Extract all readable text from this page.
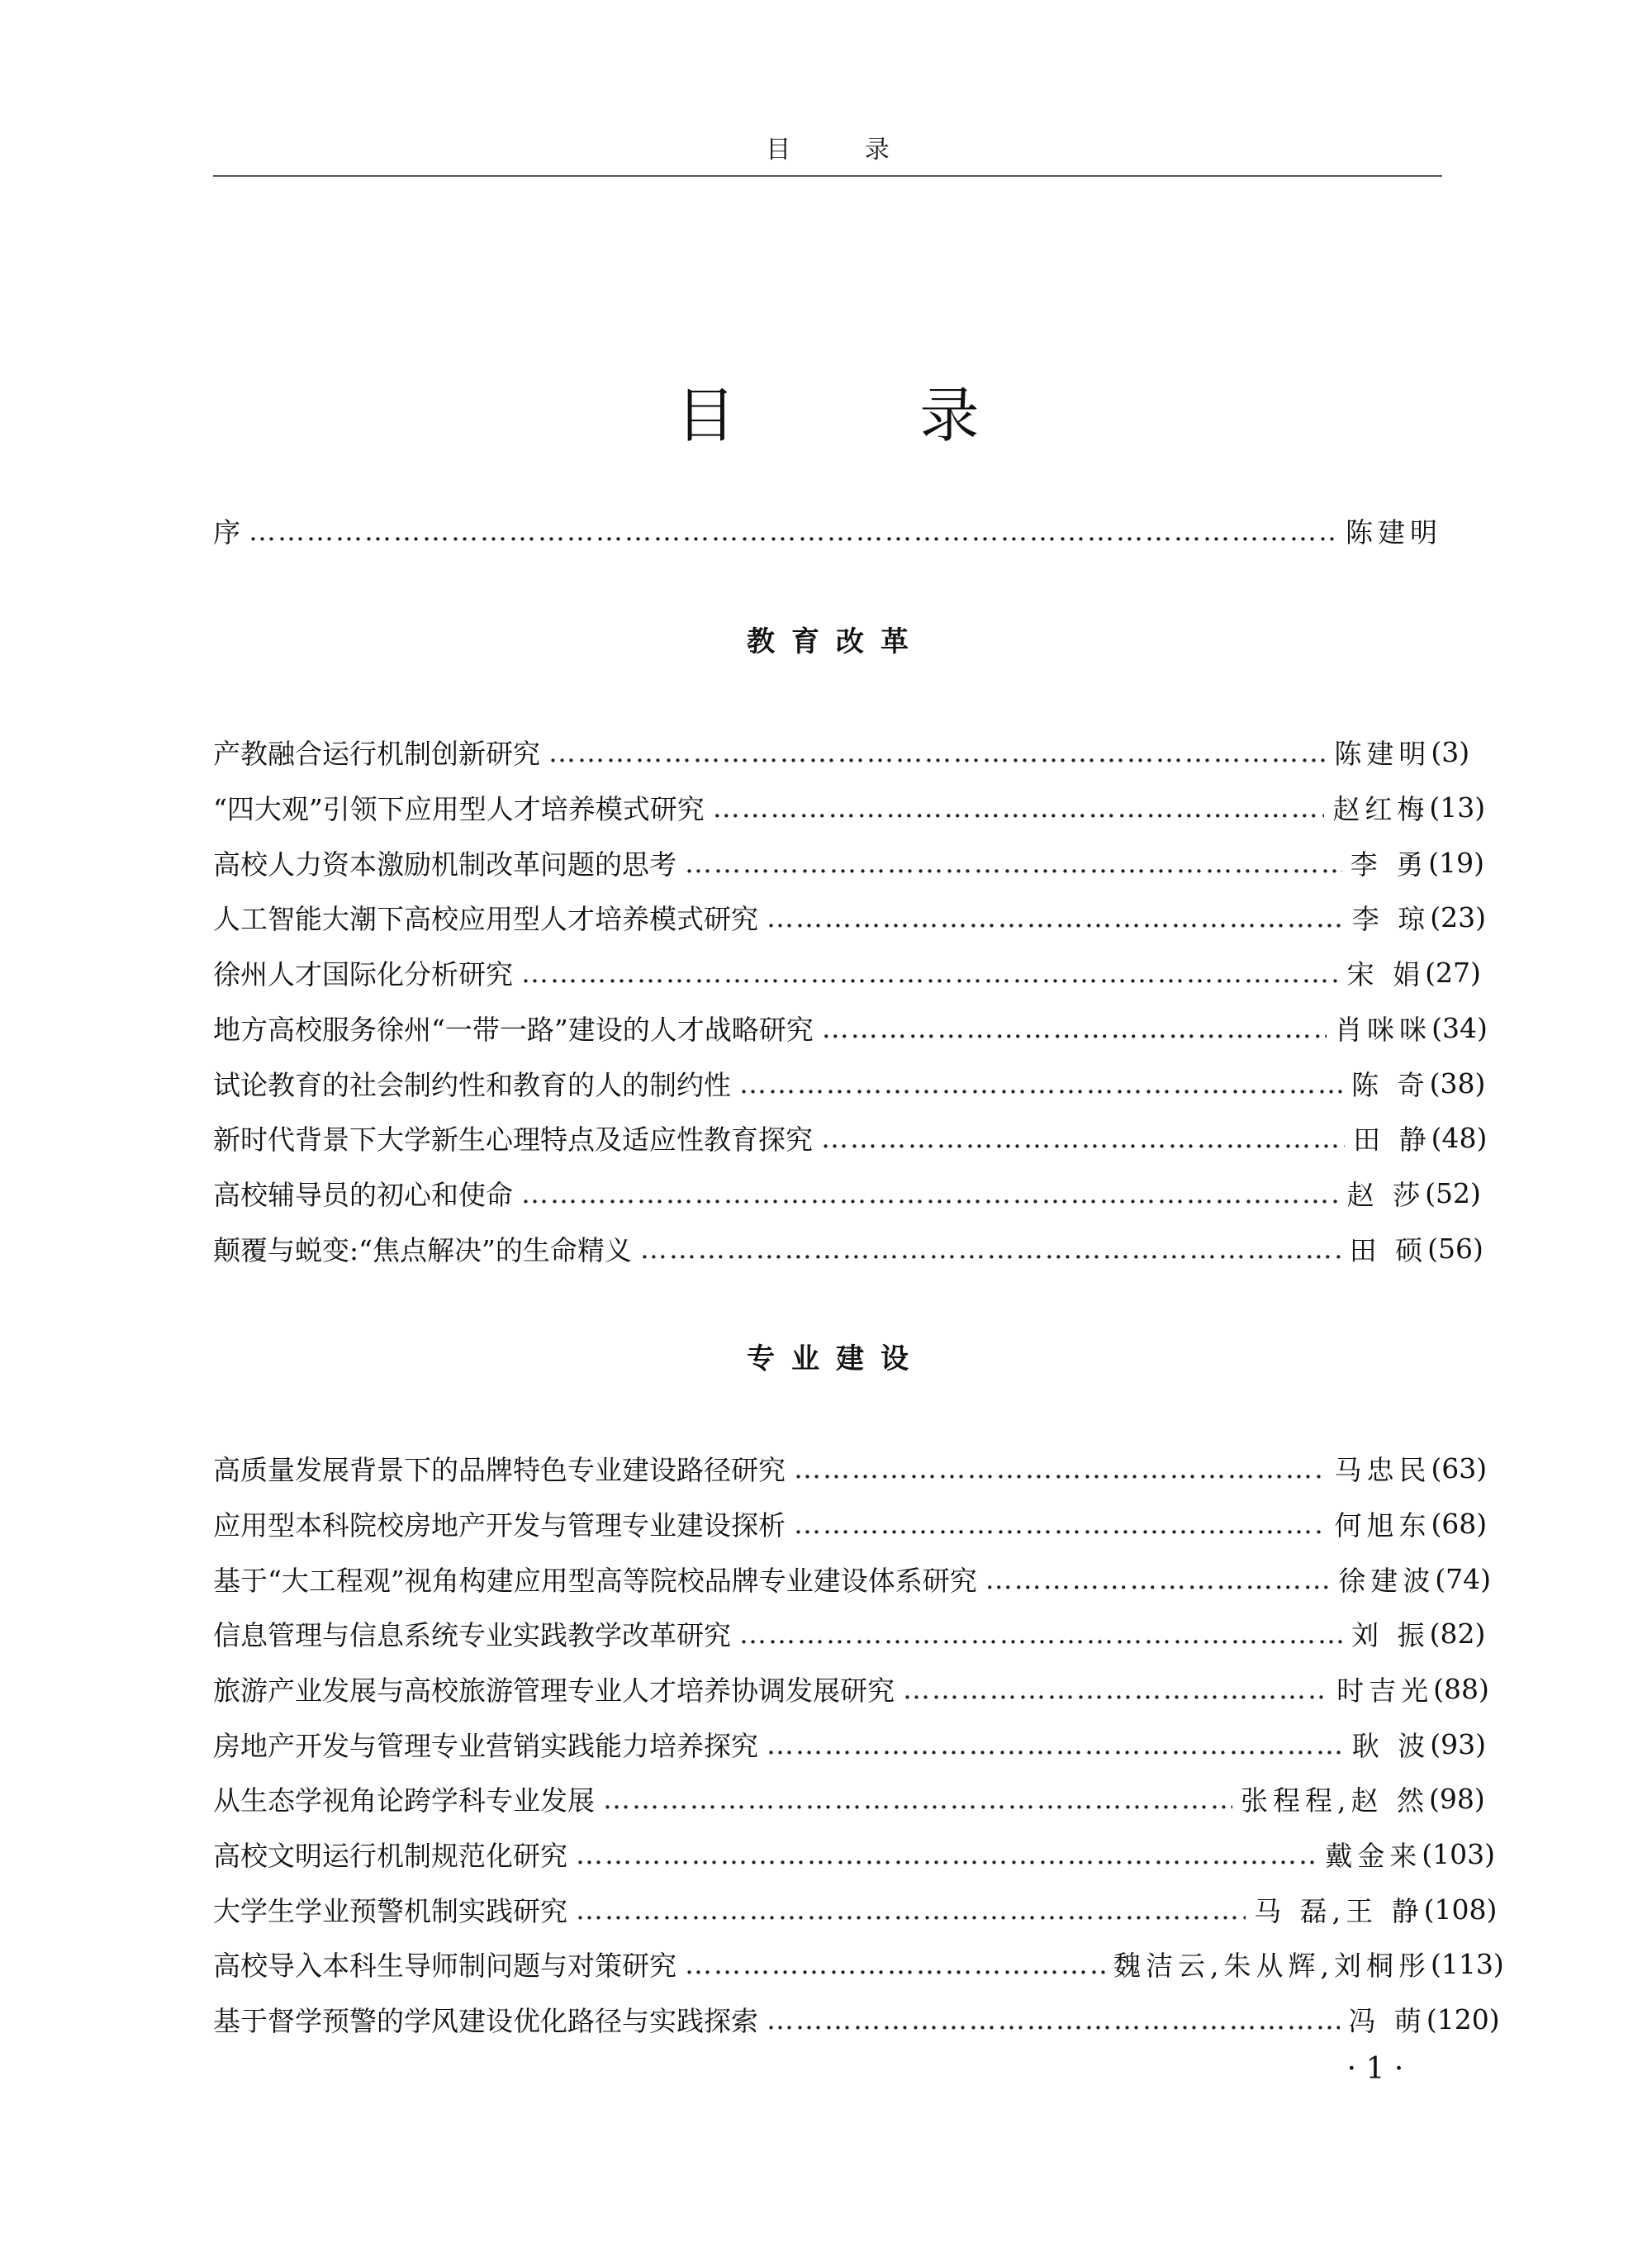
目 录
目 录
序 ……………………………………………………………………………………………………………………………………………………………………………………………………………………………………………………	陈建明
教育改革
产教融合运行机制创新研究 ……………………………………………………………………………………………………………………………………………………………………………………………………………………………………………………	陈建明 (3)
“四大观”引领下应用型人才培养模式研究 ……………………………………………………………………………………………………………………………………………………………………………………………………………………………………………………	赵红梅 (13)
高校人力资本激励机制改革问题的思考 ……………………………………………………………………………………………………………………………………………………………………………………………………………………………………………………	李 勇 (19)
人工智能大潮下高校应用型人才培养模式研究 ……………………………………………………………………………………………………………………………………………………………………………………………………………………………………………………	李 琼 (23)
徐州人才国际化分析研究 ……………………………………………………………………………………………………………………………………………………………………………………………………………………………………………………	宋 娟 (27)
地方高校服务徐州“一带一路”建设的人才战略研究 ……………………………………………………………………………………………………………………………………………………………………………………………………………………………………………………	肖咪咪 (34)
试论教育的社会制约性和教育的人的制约性 ……………………………………………………………………………………………………………………………………………………………………………………………………………………………………………………	陈 奇 (38)
新时代背景下大学新生心理特点及适应性教育探究 ……………………………………………………………………………………………………………………………………………………………………………………………………………………………………………………	田 静 (48)
高校辅导员的初心和使命 ……………………………………………………………………………………………………………………………………………………………………………………………………………………………………………………	赵 莎 (52)
颠覆与蜕变:“焦点解决”的生命精义 ……………………………………………………………………………………………………………………………………………………………………………………………………………………………………………………	田 硕 (56)
专业建设
高质量发展背景下的品牌特色专业建设路径研究 ……………………………………………………………………………………………………………………………………………………………………………………………………………………………………………………	马忠民 (63)
应用型本科院校房地产开发与管理专业建设探析 ……………………………………………………………………………………………………………………………………………………………………………………………………………………………………………………	何旭东 (68)
基于“大工程观”视角构建应用型高等院校品牌专业建设体系研究 ……………………………………………………………………………………………………………………………………………………………………………………………………………………………………………………	徐建波 (74)
信息管理与信息系统专业实践教学改革研究 ……………………………………………………………………………………………………………………………………………………………………………………………………………………………………………………	刘 振 (82)
旅游产业发展与高校旅游管理专业人才培养协调发展研究 ……………………………………………………………………………………………………………………………………………………………………………………………………………………………………………………	时吉光 (88)
房地产开发与管理专业营销实践能力培养探究 ……………………………………………………………………………………………………………………………………………………………………………………………………………………………………………………	耿 波 (93)
从生态学视角论跨学科专业发展 ……………………………………………………………………………………………………………………………………………………………………………………………………………………………………………………	张程程,赵 然 (98)
高校文明运行机制规范化研究 ……………………………………………………………………………………………………………………………………………………………………………………………………………………………………………………	戴金来 (103)
大学生学业预警机制实践研究 ……………………………………………………………………………………………………………………………………………………………………………………………………………………………………………………	马 磊,王 静 (108)
高校导入本科生导师制问题与对策研究 ……………………………………………………………………………………………………………………………………………………………………………………………………………………………………………………	魏洁云,朱从辉,刘桐彤 (113)
基于督学预警的学风建设优化路径与实践探索 ……………………………………………………………………………………………………………………………………………………………………………………………………………………………………………………	冯 萌 (120)
· 1 ·
